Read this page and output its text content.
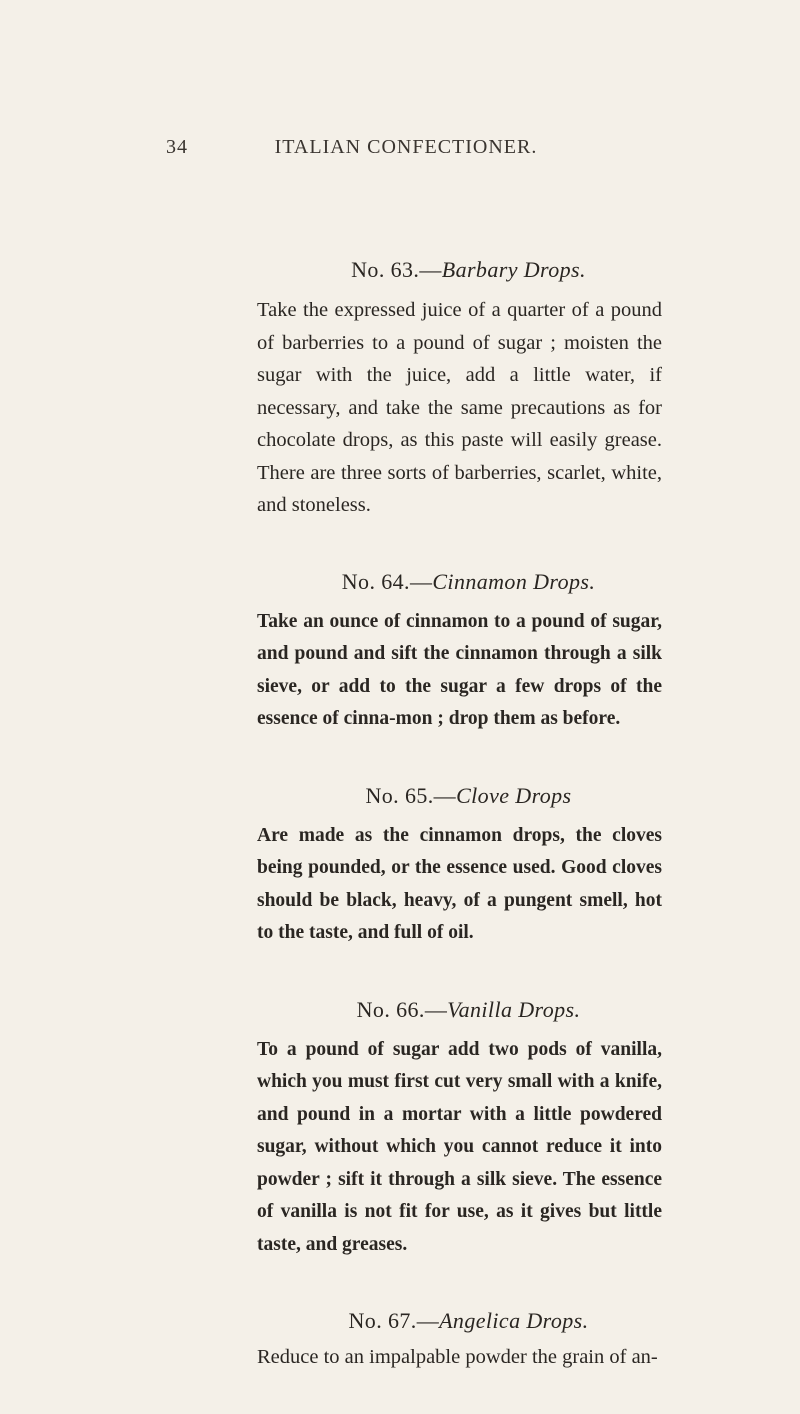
34	ITALIAN CONFECTIONER.
No. 63.—Barbary Drops.

Take the expressed juice of a quarter of a pound of barberries to a pound of sugar ; moisten the sugar with the juice, add a little water, if necessary, and take the same precautions as for chocolate drops, as this paste will easily grease. There are three sorts of barberries, scarlet, white, and stoneless.

No. 64.—Cinnamon Drops.

Take an ounce of cinnamon to a pound of sugar, and pound and sift the cinnamon through a silk sieve, or add to the sugar a few drops of the essence of cinna-mon ; drop them as before.

No. 65.—Clove Drops

Are made as the cinnamon drops, the cloves being pounded, or the essence used. Good cloves should be black, heavy, of a pungent smell, hot to the taste, and full of oil.

No. 66.—Vanilla Drops.

To a pound of sugar add two pods of vanilla, which you must first cut very small with a knife, and pound in a mortar with a little powdered sugar, without which you cannot reduce it into powder ; sift it through a silk sieve. The essence of vanilla is not fit for use, as it gives but little taste, and greases.

No. 67.—Angelica Drops.

Reduce to an impalpable powder the grain of an-
